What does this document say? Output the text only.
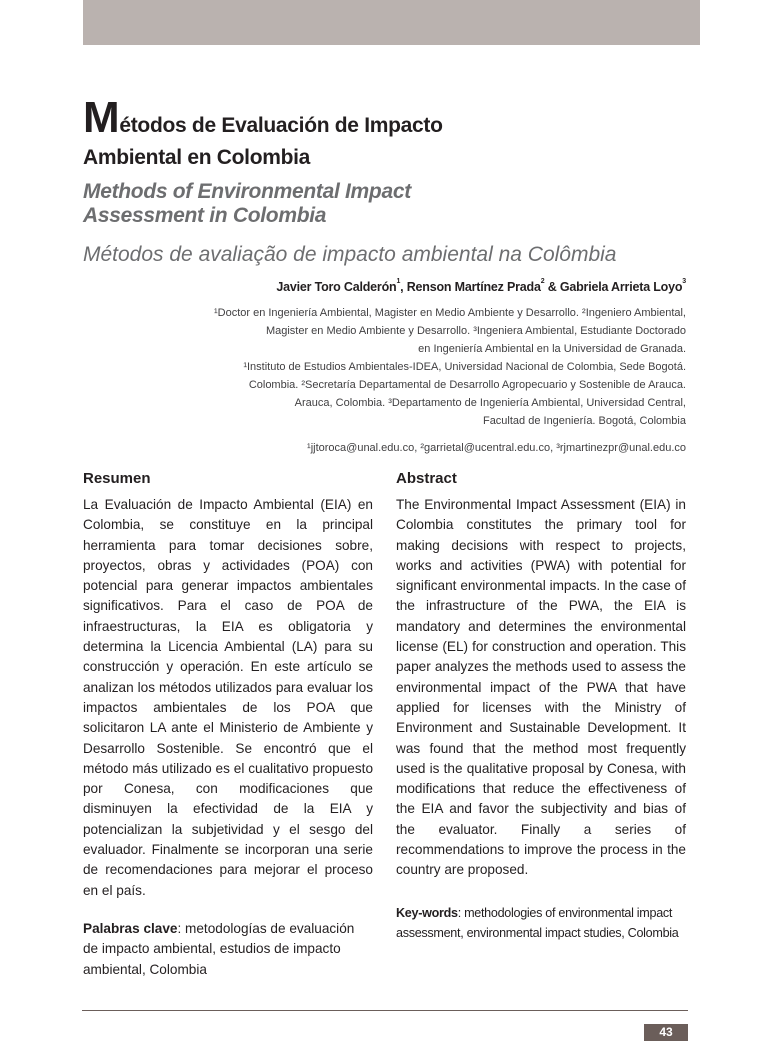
Métodos de Evaluación de Impacto
Ambiental en Colombia
Methods of Environmental Impact
Assessment in Colombia
Métodos de avaliação de impacto ambiental na Colômbia
Javier Toro Calderón$^1$, Renson Martínez Prada$^2$ & Gabriela Arrieta Loyo$^3$
¹Doctor en Ingeniería Ambiental, Magister en Medio Ambiente y Desarrollo. ²Ingeniero Ambiental,
Magister en Medio Ambiente y Desarrollo. ³Ingeniera Ambiental, Estudiante Doctorado
en Ingeniería Ambiental en la Universidad de Granada.
¹Instituto de Estudios Ambientales-IDEA, Universidad Nacional de Colombia, Sede Bogotá.
Colombia. ²Secretaría Departamental de Desarrollo Agropecuario y Sostenible de Arauca.
Arauca, Colombia. ³Departamento de Ingeniería Ambiental, Universidad Central,
Facultad de Ingeniería. Bogotá, Colombia
¹jjtoroca@unal.edu.co, ²garrietal@ucentral.edu.co, ³rjmartinezpr@unal.edu.co
Resumen

La Evaluación de Impacto Ambiental (EIA) en Colombia, se constituye en la principal herramienta para tomar decisiones sobre, proyectos, obras y actividades (POA) con potencial para generar impactos ambientales significativos. Para el caso de POA de infraestructuras, la EIA es obligatoria y determina la Licencia Ambiental (LA) para su construcción y operación. En este artículo se analizan los métodos utilizados para evaluar los impactos ambientales de los POA que solicitaron LA ante el Ministerio de Ambiente y Desarrollo Sostenible. Se encontró que el método más utilizado es el cualitativo propuesto por Conesa, con modificaciones que disminuyen la efectividad de la EIA y potencializan la subjetividad y el sesgo del evaluador. Finalmente se incorporan una serie de recomendaciones para mejorar el proceso en el país.

Palabras clave: metodologías de evaluación de impacto ambiental, estudios de impacto ambiental, Colombia
Abstract

The Environmental Impact Assessment (EIA) in Colombia constitutes the primary tool for making decisions with respect to projects, works and activities (PWA) with potential for significant environmental impacts. In the case of the infrastructure of the PWA, the EIA is mandatory and determines the environmental license (EL) for construction and operation. This paper analyzes the methods used to assess the environmental impact of the PWA that have applied for licenses with the Ministry of Environment and Sustainable Development. It was found that the method most frequently used is the qualitative proposal by Conesa, with modifications that reduce the effectiveness of the EIA and favor the subjectivity and bias of the evaluator. Finally a series of recommendations to improve the process in the country are proposed.

Key-words: methodologies of environmental impact assessment, environmental impact studies, Colombia
43
